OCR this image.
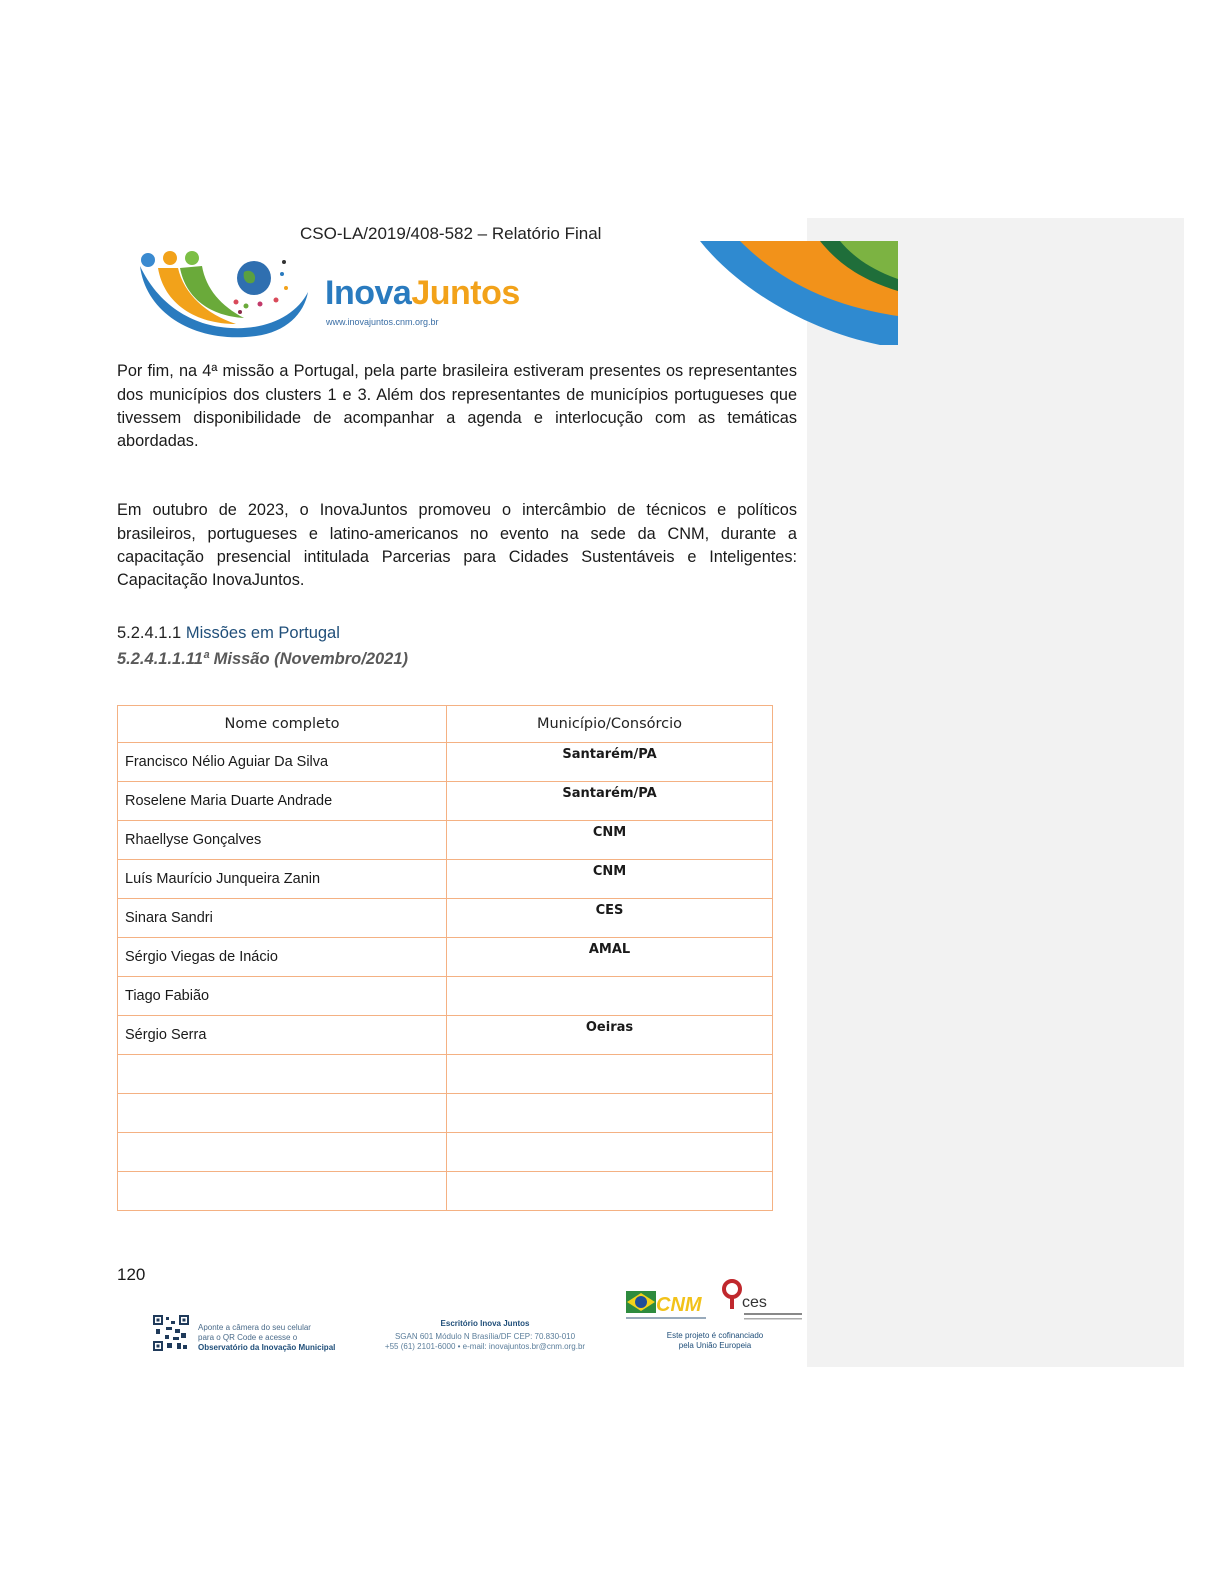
CSO-LA/2019/408-582 – Relatório Final
InovaJuntos
www.inovajuntos.cnm.org.br

Por fim, na 4ª missão a Portugal, pela parte brasileira estiveram presentes os representantes dos municípios dos clusters 1 e 3. Além dos representantes de municípios portugueses que tivessem disponibilidade de acompanhar a agenda e interlocução com as temáticas abordadas.

Em outubro de 2023, o InovaJuntos promoveu o intercâmbio de técnicos e políticos brasileiros, portugueses e latino-americanos no evento na sede da CNM, durante a capacitação presencial intitulada Parcerias para Cidades Sustentáveis e Inteligentes: Capacitação InovaJuntos.

5.2.4.1.1 Missões em Portugal
5.2.4.1.1.11ª Missão (Novembro/2021)
Nome completo	Município/Consórcio
Francisco Nélio Aguiar Da Silva	Santarém/PA
Roselene Maria Duarte Andrade	Santarém/PA
Rhaellyse Gonçalves	CNM
Luís Maurício Junqueira Zanin	CNM
Sinara Sandri	CES
Sérgio Viegas de Inácio	AMAL
Tiago Fabião	
Sérgio Serra	Oeiras

120
Aponte a câmera do seu celular
para o QR Code e acesse o
Observatório da Inovação Municipal
Escritório Inova Juntos
SGAN 601 Módulo N Brasília/DF CEP: 70.830-010
+55 (61) 2101-6000 • e-mail: inovajuntos.br@cnm.org.br
CNM	ces
Este projeto é cofinanciado
pela União Europeia
